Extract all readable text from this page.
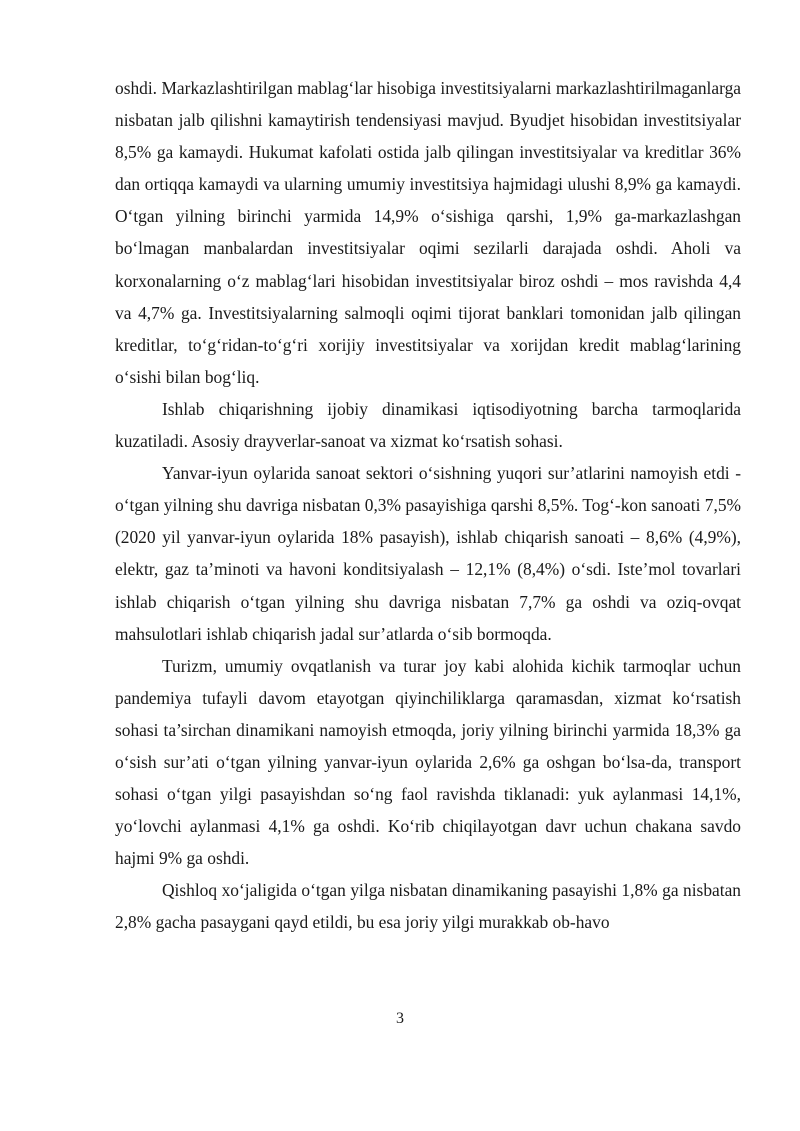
oshdi. Markazlashtirilgan mablag‘lar hisobiga investitsiyalarni markazlashtirilmaganlarga nisbatan jalb qilishni kamaytirish tendensiyasi mavjud. Byudjet hisobidan investitsiyalar 8,5% ga kamaydi. Hukumat kafolati ostida jalb qilingan investitsiyalar va kreditlar 36% dan ortiqqa kamaydi va ularning umumiy investitsiya hajmidagi ulushi 8,9% ga kamaydi. O‘tgan yilning birinchi yarmida 14,9% o‘sishiga qarshi, 1,9% ga-markazlashgan bo‘lmagan manbalardan investitsiyalar oqimi sezilarli darajada oshdi. Aholi va korxonalarning o‘z mablag‘lari hisobidan investitsiyalar biroz oshdi – mos ravishda 4,4 va 4,7% ga. Investitsiyalarning salmoqli oqimi tijorat banklari tomonidan jalb qilingan kreditlar, to‘g‘ridan-to‘g‘ri xorijiy investitsiyalar va xorijdan kredit mablag‘larining o‘sishi bilan bog‘liq.

Ishlab chiqarishning ijobiy dinamikasi iqtisodiyotning barcha tarmoqlarida kuzatiladi. Asosiy drayverlar-sanoat va xizmat ko‘rsatish sohasi.

Yanvar-iyun oylarida sanoat sektori o‘sishning yuqori sur’atlarini namoyish etdi - o‘tgan yilning shu davriga nisbatan 0,3% pasayishiga qarshi 8,5%. Tog‘-kon sanoati 7,5% (2020 yil yanvar-iyun oylarida 18% pasayish), ishlab chiqarish sanoati – 8,6% (4,9%), elektr, gaz ta’minoti va havoni konditsiyalash – 12,1% (8,4%) o‘sdi. Iste’mol tovarlari ishlab chiqarish o‘tgan yilning shu davriga nisbatan 7,7% ga oshdi va oziq-ovqat mahsulotlari ishlab chiqarish jadal sur’atlarda o‘sib bormoqda.

Turizm, umumiy ovqatlanish va turar joy kabi alohida kichik tarmoqlar uchun pandemiya tufayli davom etayotgan qiyinchiliklarga qaramasdan, xizmat ko‘rsatish sohasi ta’sirchan dinamikani namoyish etmoqda, joriy yilning birinchi yarmida 18,3% ga o‘sish sur’ati o‘tgan yilning yanvar-iyun oylarida 2,6% ga oshgan bo‘lsa-da, transport sohasi o‘tgan yilgi pasayishdan so‘ng faol ravishda tiklanadi: yuk aylanmasi 14,1%, yo‘lovchi aylanmasi 4,1% ga oshdi. Ko‘rib chiqilayotgan davr uchun chakana savdo hajmi 9% ga oshdi.

Qishloq xo‘jaligida o‘tgan yilga nisbatan dinamikaning pasayishi 1,8% ga nisbatan 2,8% gacha pasaygani qayd etildi, bu esa joriy yilgi murakkab ob-havo

3
